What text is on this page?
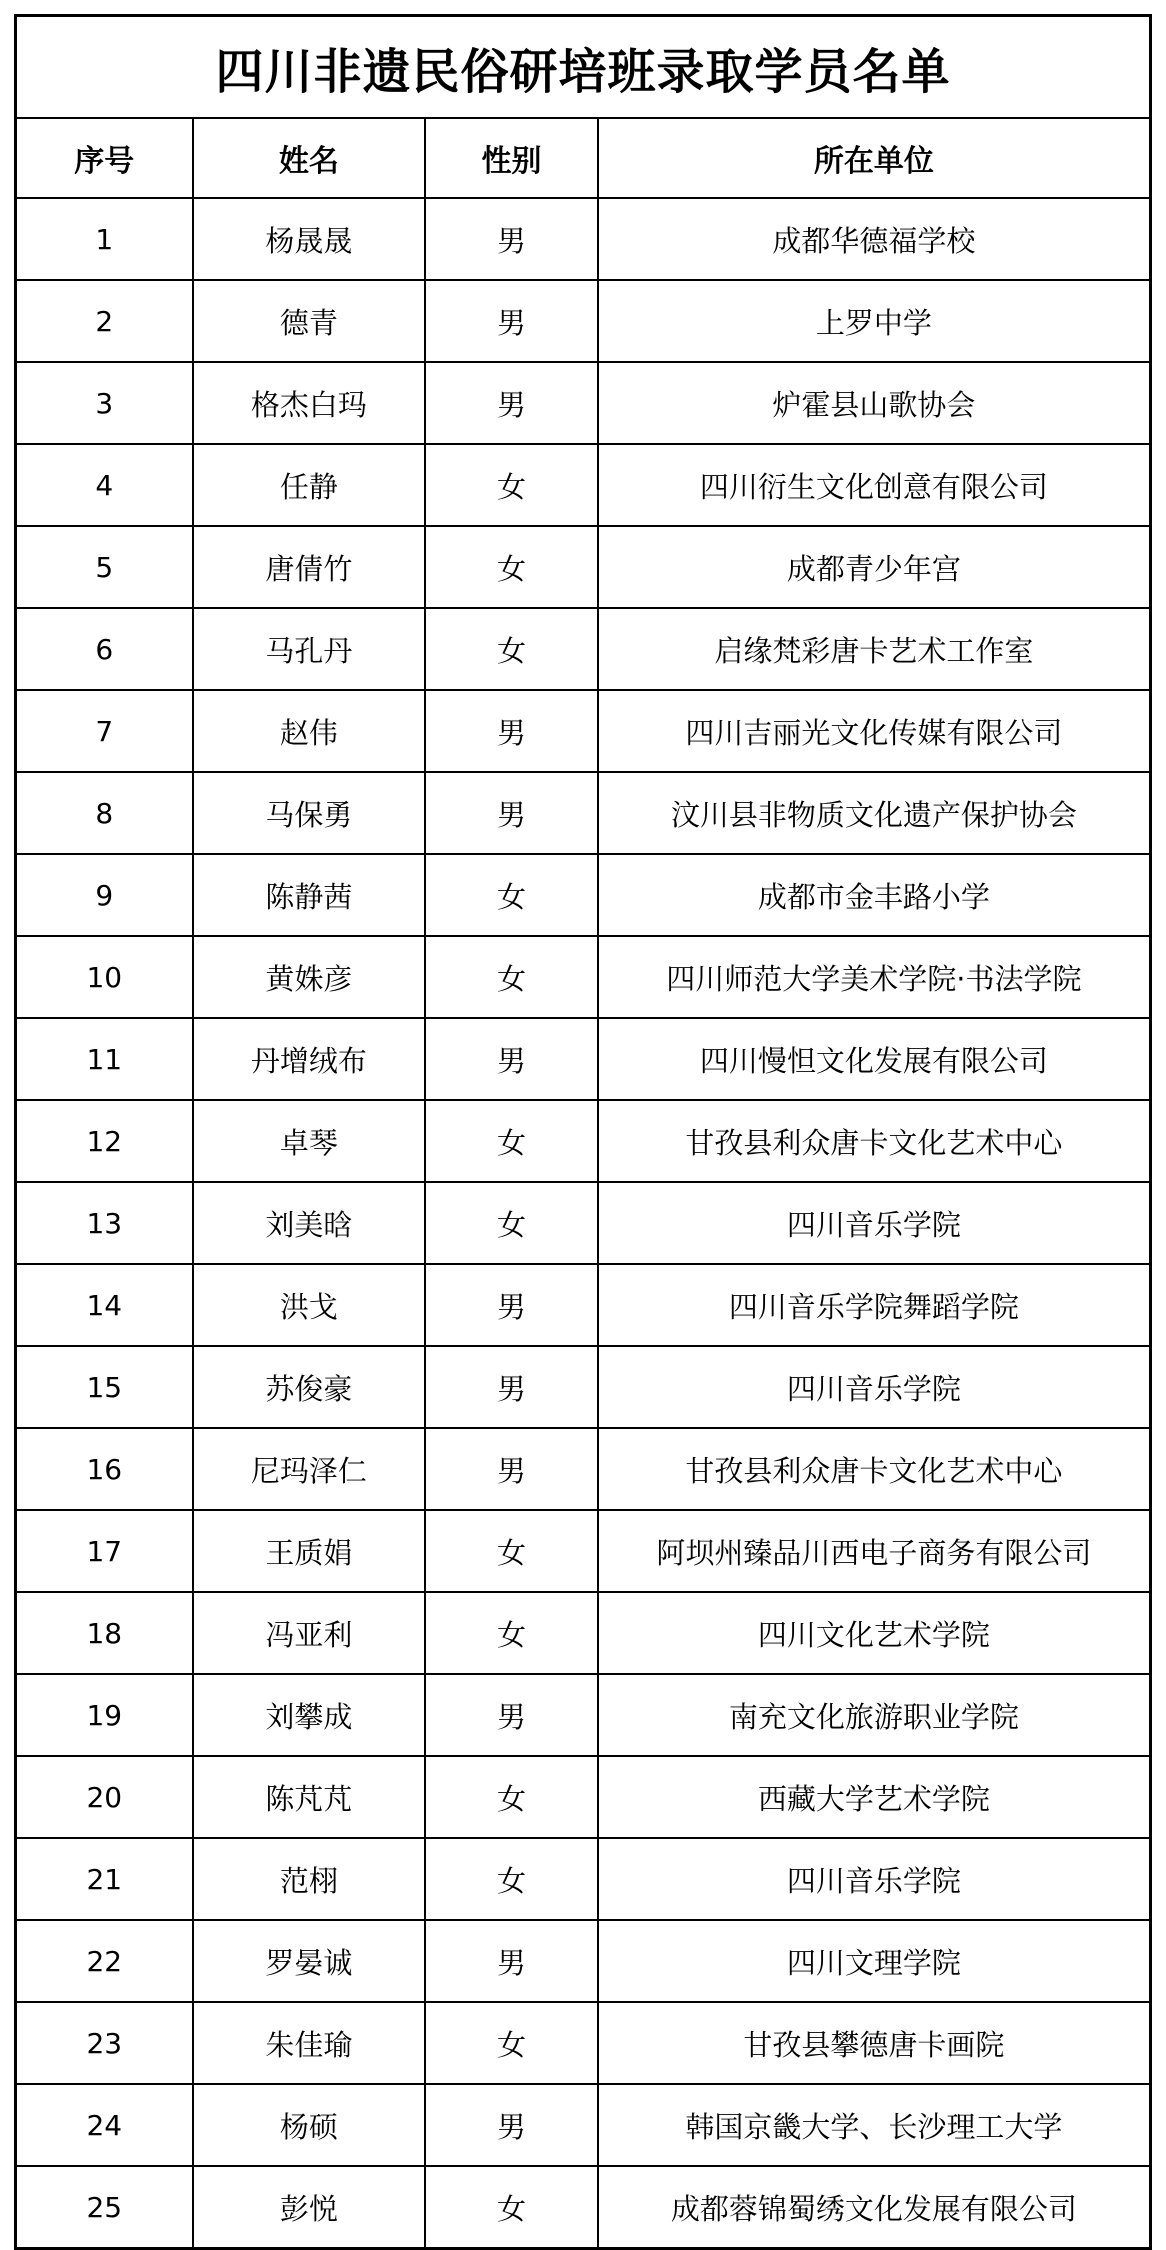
四川非遗民俗研培班录取学员名单			
序号	姓名	性别	所在单位
1	杨晟晟	男	成都华德福学校
2	德青	男	上罗中学
3	格杰白玛	男	炉霍县山歌协会
4	任静	女	四川衍生文化创意有限公司
5	唐倩竹	女	成都青少年宫
6	马孔丹	女	启缘梵彩唐卡艺术工作室
7	赵伟	男	四川吉丽光文化传媒有限公司
8	马保勇	男	汶川县非物质文化遗产保护协会
9	陈静茜	女	成都市金丰路小学
10	黄姝彦	女	四川师范大学美术学院·书法学院
11	丹增绒布	男	四川慢怛文化发展有限公司
12	卓琴	女	甘孜县利众唐卡文化艺术中心
13	刘美晗	女	四川音乐学院
14	洪戈	男	四川音乐学院舞蹈学院
15	苏俊豪	男	四川音乐学院
16	尼玛泽仁	男	甘孜县利众唐卡文化艺术中心
17	王质娟	女	阿坝州臻品川西电子商务有限公司
18	冯亚利	女	四川文化艺术学院
19	刘攀成	男	南充文化旅游职业学院
20	陈芃芃	女	西藏大学艺术学院
21	范栩	女	四川音乐学院
22	罗晏诚	男	四川文理学院
23	朱佳瑜	女	甘孜县攀德唐卡画院
24	杨硕	男	韩国京畿大学、长沙理工大学
25	彭悦	女	成都蓉锦蜀绣文化发展有限公司
